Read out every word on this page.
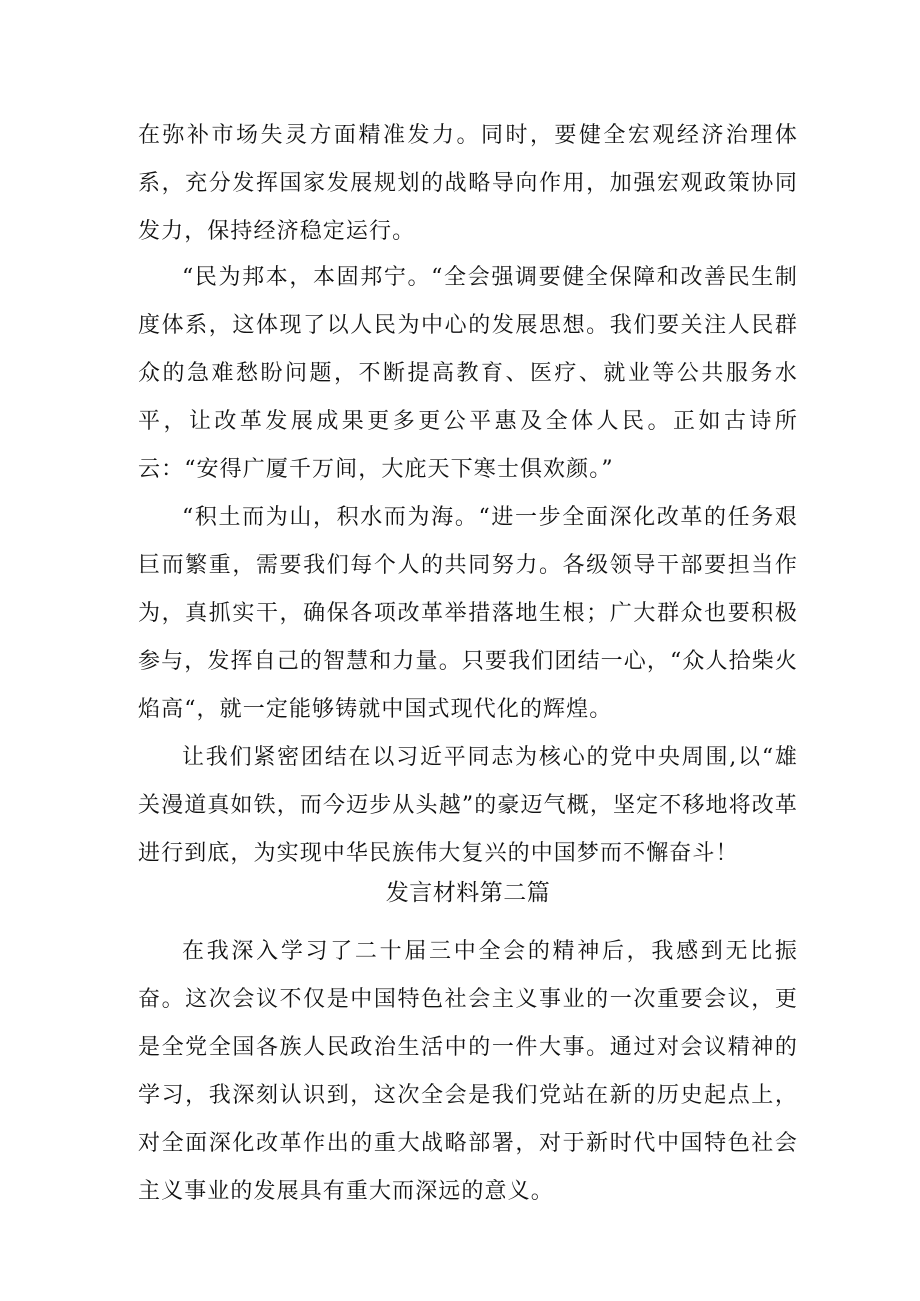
在弥补市场失灵方面精准发力。同时，要健全宏观经济治理体系，充分发挥国家发展规划的战略导向作用，加强宏观政策协同发力，保持经济稳定运行。

“民为邦本，本固邦宁。“全会强调要健全保障和改善民生制度体系，这体现了以人民为中心的发展思想。我们要关注人民群众的急难愁盼问题，不断提高教育、医疗、就业等公共服务水平，让改革发展成果更多更公平惠及全体人民。正如古诗所云：“安得广厦千万间，大庇天下寒士俱欢颜。”

“积土而为山，积水而为海。“进一步全面深化改革的任务艰巨而繁重，需要我们每个人的共同努力。各级领导干部要担当作为，真抓实干，确保各项改革举措落地生根；广大群众也要积极参与，发挥自己的智慧和力量。只要我们团结一心，“众人拾柴火焰高“，就一定能够铸就中国式现代化的辉煌。

让我们紧密团结在以习近平同志为核心的党中央周围,以“雄关漫道真如铁，而今迈步从头越”的豪迈气概，坚定不移地将改革进行到底，为实现中华民族伟大复兴的中国梦而不懈奋斗！

发言材料第二篇

在我深入学习了二十届三中全会的精神后，我感到无比振奋。这次会议不仅是中国特色社会主义事业的一次重要会议，更是全党全国各族人民政治生活中的一件大事。通过对会议精神的学习，我深刻认识到，这次全会是我们党站在新的历史起点上，对全面深化改革作出的重大战略部署，对于新时代中国特色社会主义事业的发展具有重大而深远的意义。
